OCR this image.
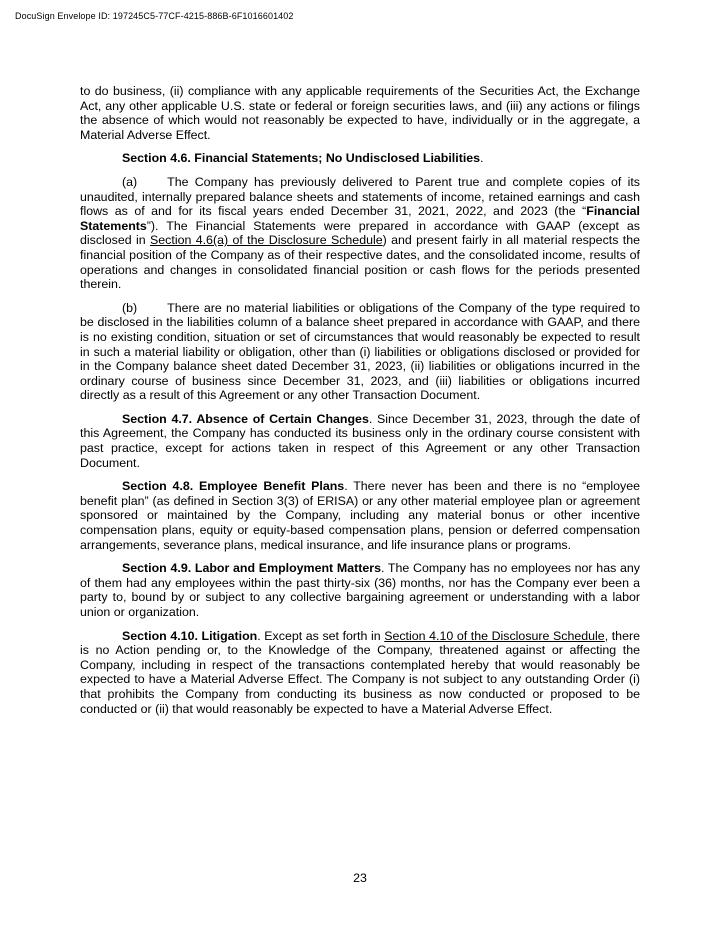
DocuSign Envelope ID: 197245C5-77CF-4215-886B-6F1016601402

to do business, (ii) compliance with any applicable requirements of the Securities Act, the Exchange Act, any other applicable U.S. state or federal or foreign securities laws, and (iii) any actions or filings the absence of which would not reasonably be expected to have, individually or in the aggregate, a Material Adverse Effect.

Section 4.6. Financial Statements; No Undisclosed Liabilities.

(a) The Company has previously delivered to Parent true and complete copies of its unaudited, internally prepared balance sheets and statements of income, retained earnings and cash flows as of and for its fiscal years ended December 31, 2021, 2022, and 2023 (the “Financial Statements”). The Financial Statements were prepared in accordance with GAAP (except as disclosed in Section 4.6(a) of the Disclosure Schedule) and present fairly in all material respects the financial position of the Company as of their respective dates, and the consolidated income, results of operations and changes in consolidated financial position or cash flows for the periods presented therein.

(b) There are no material liabilities or obligations of the Company of the type required to be disclosed in the liabilities column of a balance sheet prepared in accordance with GAAP, and there is no existing condition, situation or set of circumstances that would reasonably be expected to result in such a material liability or obligation, other than (i) liabilities or obligations disclosed or provided for in the Company balance sheet dated December 31, 2023, (ii) liabilities or obligations incurred in the ordinary course of business since December 31, 2023, and (iii) liabilities or obligations incurred directly as a result of this Agreement or any other Transaction Document.

Section 4.7. Absence of Certain Changes. Since December 31, 2023, through the date of this Agreement, the Company has conducted its business only in the ordinary course consistent with past practice, except for actions taken in respect of this Agreement or any other Transaction Document.

Section 4.8. Employee Benefit Plans. There never has been and there is no “employee benefit plan” (as defined in Section 3(3) of ERISA) or any other material employee plan or agreement sponsored or maintained by the Company, including any material bonus or other incentive compensation plans, equity or equity-based compensation plans, pension or deferred compensation arrangements, severance plans, medical insurance, and life insurance plans or programs.

Section 4.9. Labor and Employment Matters. The Company has no employees nor has any of them had any employees within the past thirty-six (36) months, nor has the Company ever been a party to, bound by or subject to any collective bargaining agreement or understanding with a labor union or organization.

Section 4.10. Litigation. Except as set forth in Section 4.10 of the Disclosure Schedule, there is no Action pending or, to the Knowledge of the Company, threatened against or affecting the Company, including in respect of the transactions contemplated hereby that would reasonably be expected to have a Material Adverse Effect. The Company is not subject to any outstanding Order (i) that prohibits the Company from conducting its business as now conducted or proposed to be conducted or (ii) that would reasonably be expected to have a Material Adverse Effect.

23
